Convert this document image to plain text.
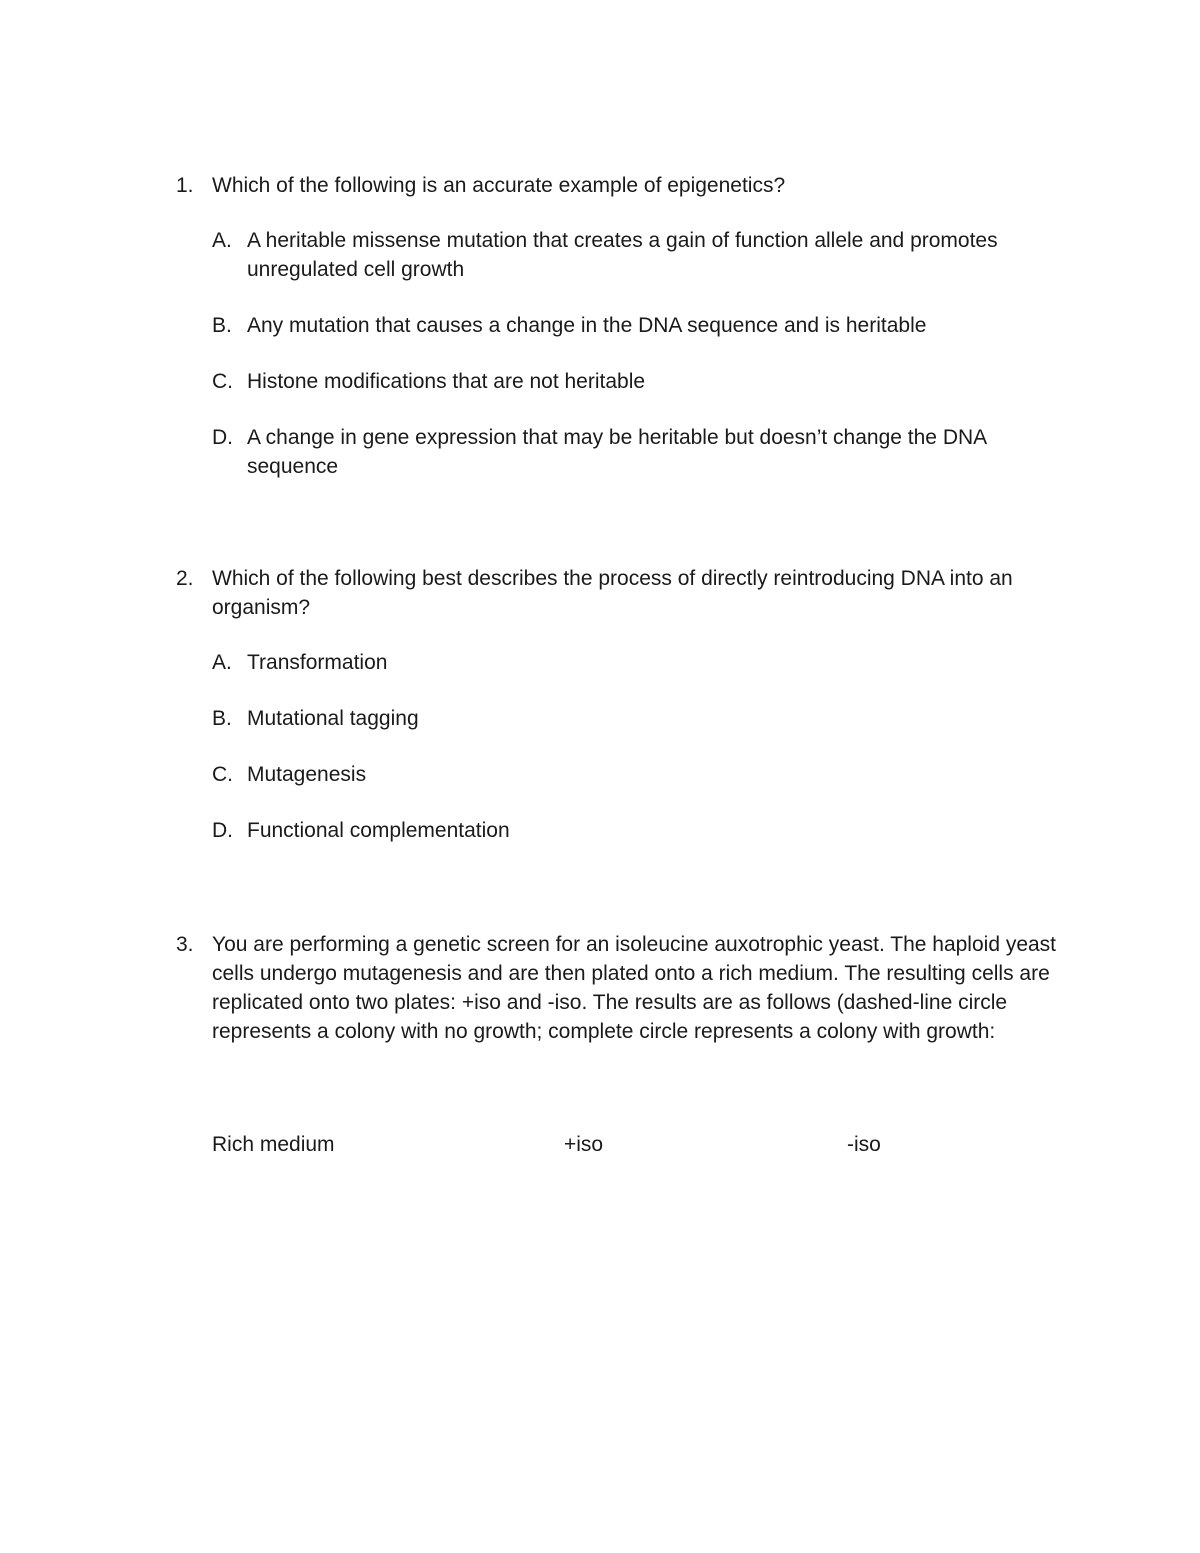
1. Which of the following is an accurate example of epigenetics?
A. A heritable missense mutation that creates a gain of function allele and promotes unregulated cell growth
B. Any mutation that causes a change in the DNA sequence and is heritable
C. Histone modifications that are not heritable
D. A change in gene expression that may be heritable but doesn’t change the DNA sequence
2. Which of the following best describes the process of directly reintroducing DNA into an organism?
A. Transformation
B. Mutational tagging
C. Mutagenesis
D. Functional complementation
3. You are performing a genetic screen for an isoleucine auxotrophic yeast. The haploid yeast cells undergo mutagenesis and are then plated onto a rich medium. The resulting cells are replicated onto two plates: +iso and -iso. The results are as follows (dashed-line circle represents a colony with no growth; complete circle represents a colony with growth:
Rich medium	+iso	-iso
